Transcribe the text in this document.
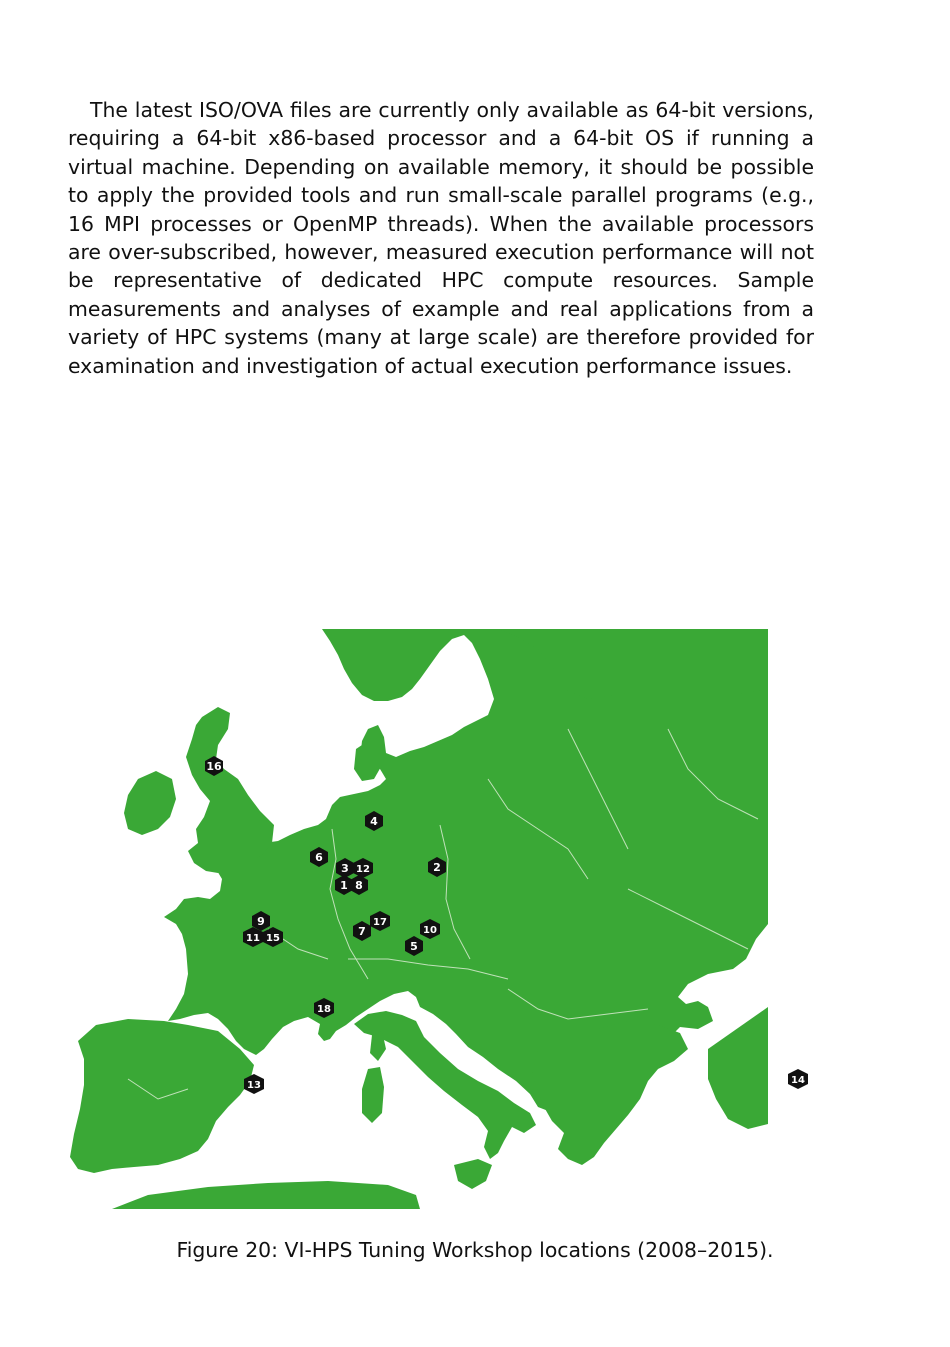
The latest ISO/OVA files are currently only available as 64-bit versions, requiring a 64-bit x86-based processor and a 64-bit OS if running a virtual machine. Depending on available memory, it should be possible to apply the provided tools and run small-scale parallel programs (e.g., 16 MPI processes or OpenMP threads). When the available processors are over-subscribed, however, measured execution performance will not be representative of dedicated HPC compute resources. Sample measurements and analyses of example and real applications from a variety of HPC systems (many at large scale) are therefore provided for examination and investigation of actual execution performance issues.

16
4
6
3 12
1 8
2
9
11 15
17
7	10
5
18
13	14

Figure 20: VI-HPS Tuning Workshop locations (2008–2015).
